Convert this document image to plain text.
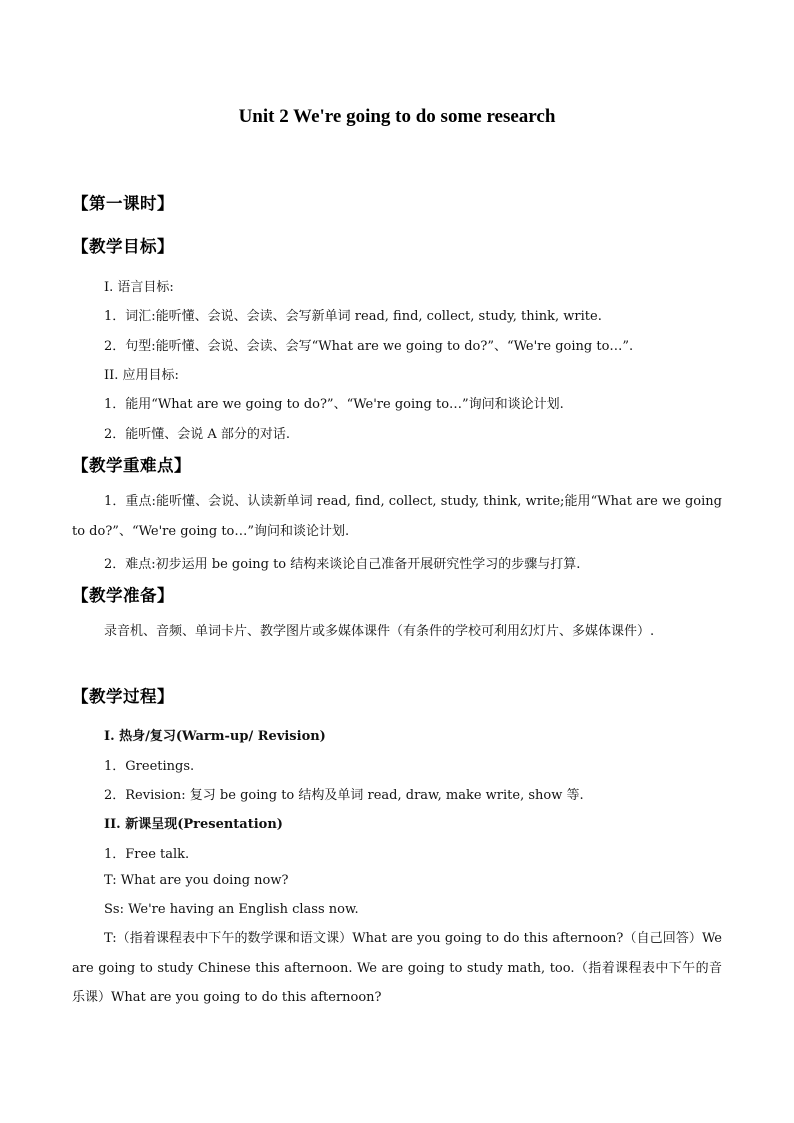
Unit 2 We're going to do some research
【第一课时】
【教学目标】
I. 语言目标:
1．词汇:能听懂、会说、会读、会写新单词 read, find, collect, study, think, write.
2．句型:能听懂、会说、会读、会写“What are we going to do?”、“We're going to…”.
II. 应用目标:
1．能用“What are we going to do?”、“We're going to…”询问和谈论计划.
2．能听懂、会说 A 部分的对话.
【教学重难点】
1．重点:能听懂、会说、认读新单词 read, find, collect, study, think, write;能用“What are we going to do?”、“We're going to…”询问和谈论计划.
2．难点:初步运用 be going to 结构来谈论自己准备开展研究性学习的步骤与打算.
【教学准备】
录音机、音频、单词卡片、教学图片或多媒体课件（有条件的学校可利用幻灯片、多媒体课件）.
【教学过程】
I. 热身/复习(Warm-up/ Revision)
1．Greetings.
2．Revision: 复习 be going to 结构及单词 read, draw, make write, show 等.
II. 新课呈现(Presentation)
1．Free talk.
T: What are you doing now?
Ss: We're having an English class now.
T:（指着课程表中下午的数学课和语文课）What are you going to do this afternoon?（自己回答）We are going to study Chinese this afternoon. We are going to study math, too.（指着课程表中下午的音乐课）What are you going to do this afternoon?
